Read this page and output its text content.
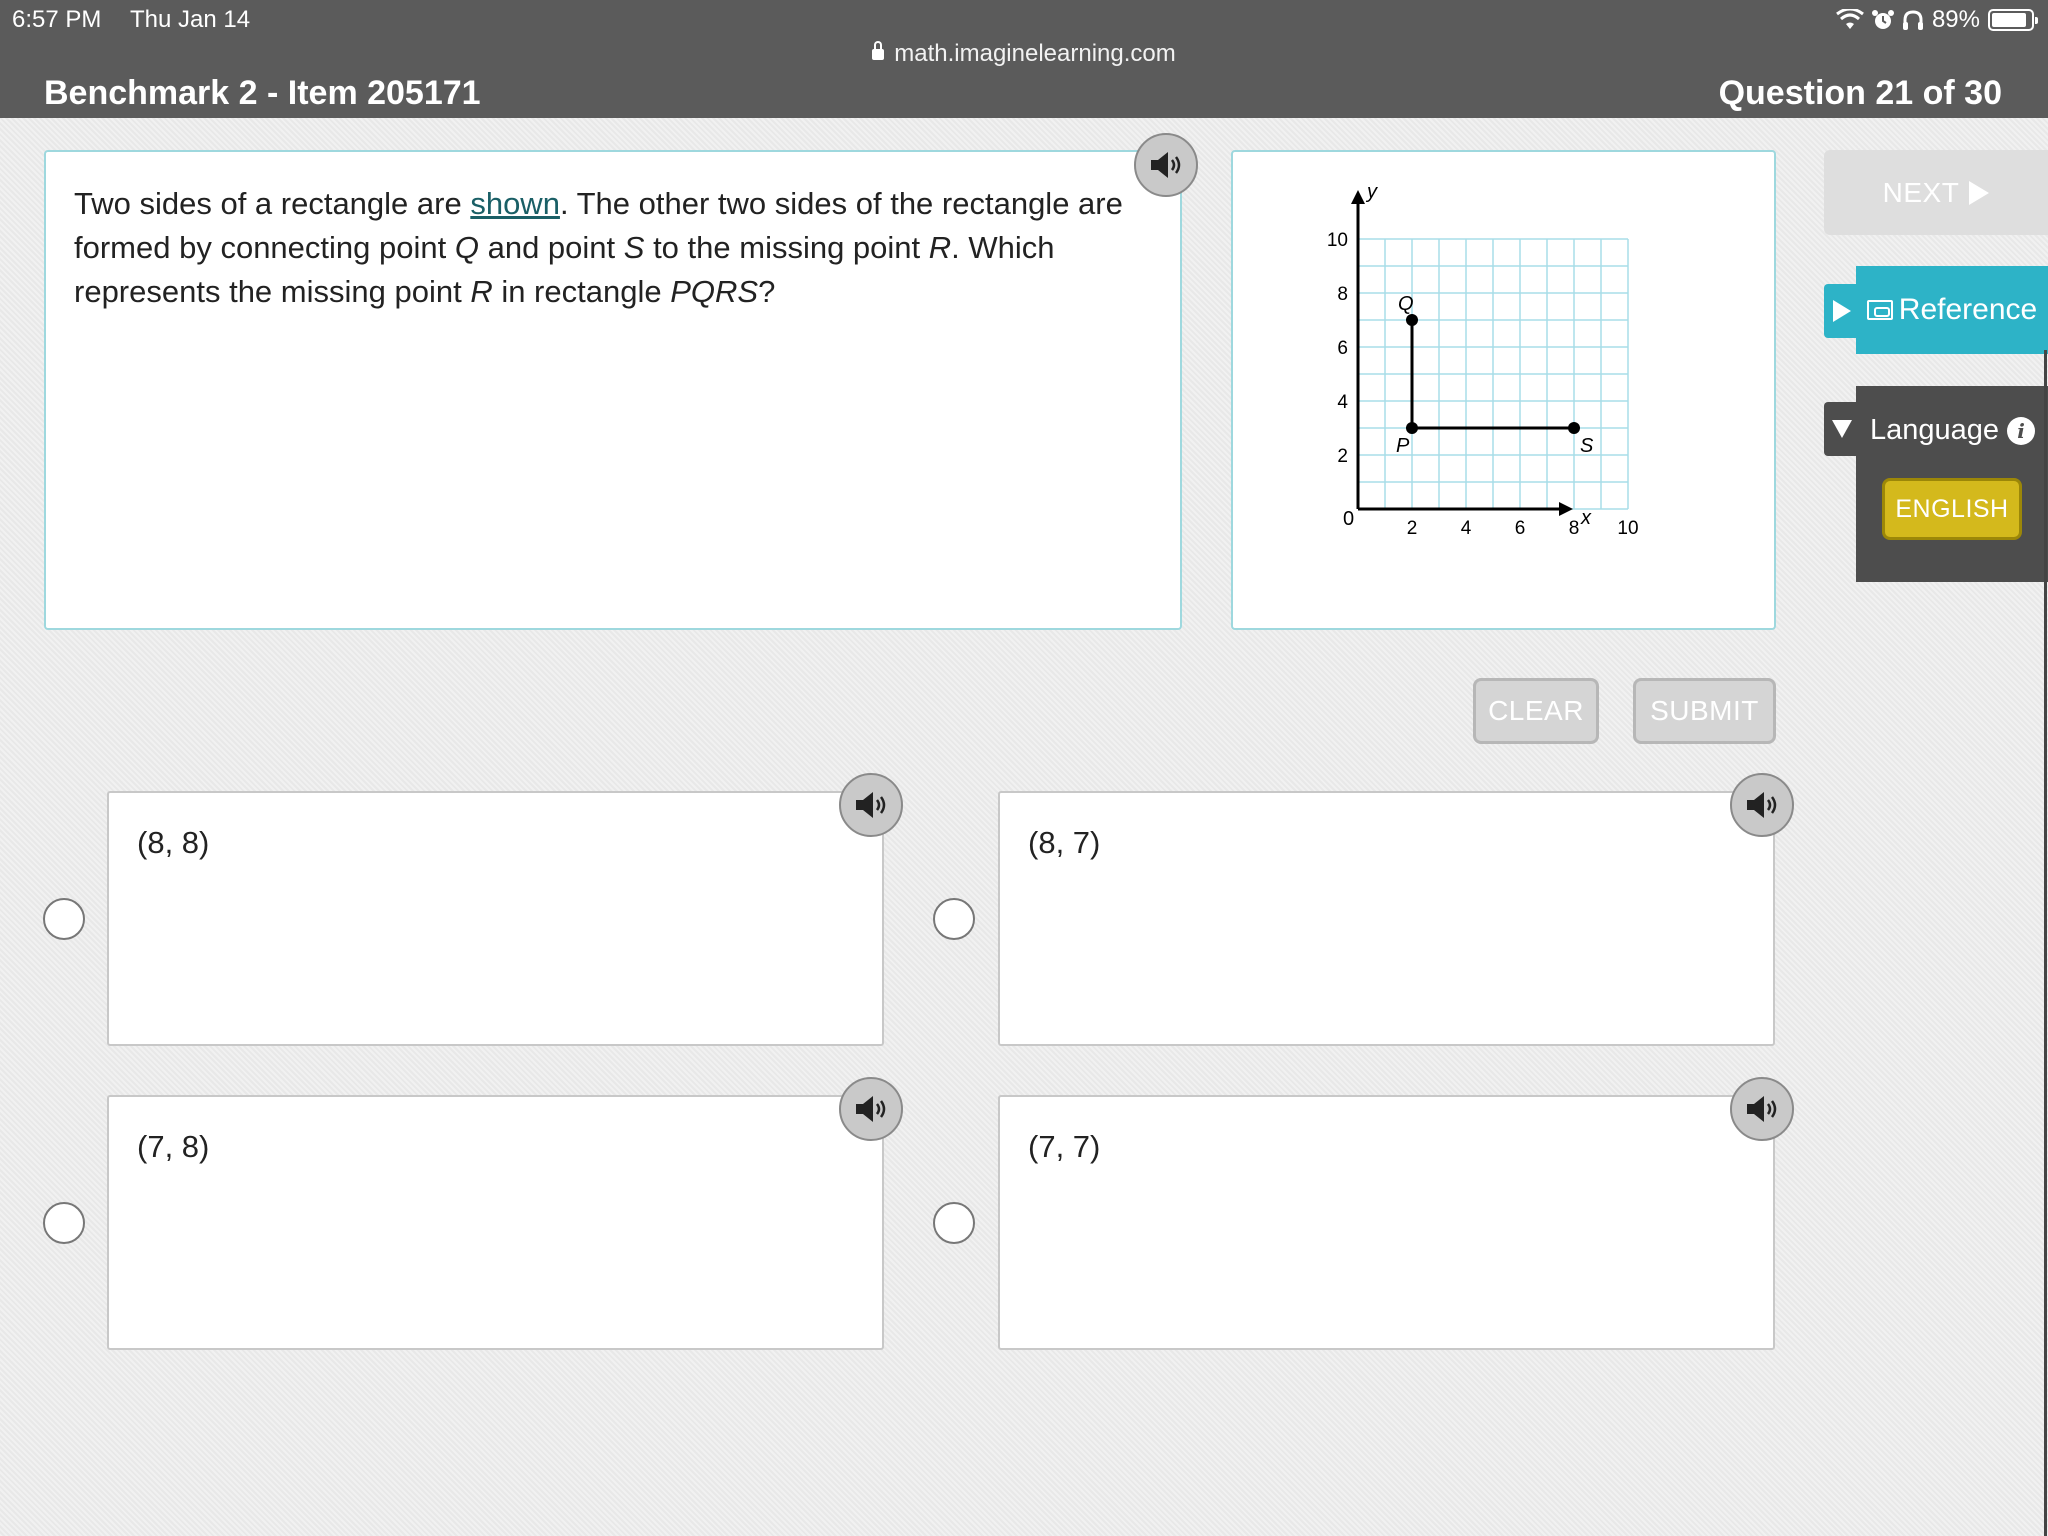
6:57 PM Thu Jan 14	89%
math.imaginelearning.com
Benchmark 2 - Item 205171	Question 21 of 30

Two sides of a rectangle are shown. The other two sides of the rectangle are formed by connecting point Q and point S to the missing point R. Which represents the missing point R in rectangle PQRS?

x
y
0	2 4 6 8 10
2
4
6
8
10
Q
P	S
NEXT
Reference
Language i
ENGLISH
CLEAR	SUBMIT
(8, 8)	(8, 7)
(7, 8)	(7, 7)
